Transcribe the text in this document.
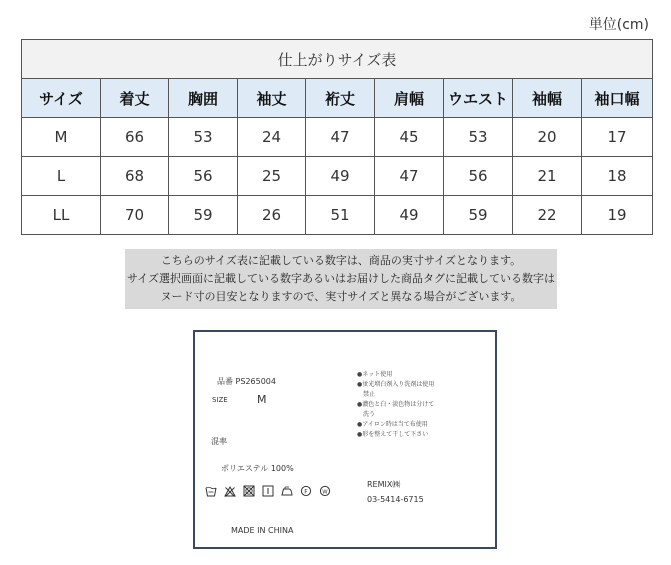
単位(cm)
仕上がりサイズ表								
サイズ	着丈	胸囲	袖丈	裄丈	肩幅	ウエスト	袖幅	袖口幅
M	66	53	24	47	45	53	20	17
L	68	56	25	49	47	56	21	18
LL	70	59	26	51	49	59	22	19
こちらのサイズ表に記載している数字は、商品の実寸サイズとなります。
サイズ選択画面に記載している数字あるいはお届けした商品タグに記載している数字は
ヌード寸の目安となりますので、実寸サイズと異なる場合がございます。
品番 PS265004
SIZE	M
混率
ポリエステル 100%
●ネット使用
●蛍光増白剤入り洗剤は使用
　禁止
●濃色と白・淡色物は分けて
　洗う
●アイロン時は当て布使用
●形を整えて干して下さい
F	W
REMIX㈱
03-5414-6715
MADE IN CHINA
